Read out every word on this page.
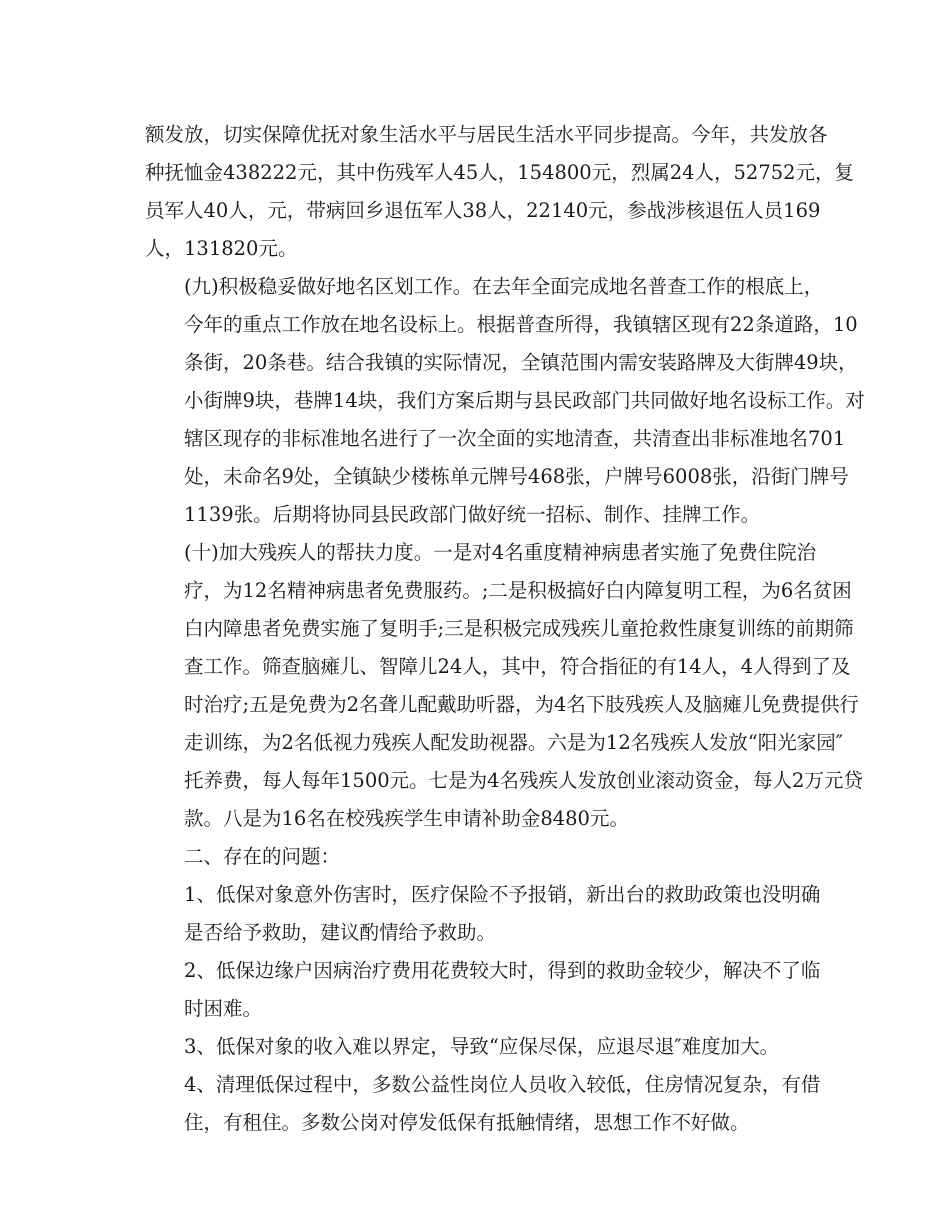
额发放，切实保障优抚对象生活水平与居民生活水平同步提高。今年，共发放各
种抚恤金438222元，其中伤残军人45人，154800元，烈属24人，52752元，复
员军人40人，元，带病回乡退伍军人38人，22140元，参战涉核退伍人员169
人，131820元。
(九)积极稳妥做好地名区划工作。在去年全面完成地名普查工作的根底上，
今年的重点工作放在地名设标上。根据普查所得，我镇辖区现有22条道路，10
条街，20条巷。结合我镇的实际情况，全镇范围内需安装路牌及大街牌49块，
小街牌9块，巷牌14块，我们方案后期与县民政部门共同做好地名设标工作。对
辖区现存的非标准地名进行了一次全面的实地清查，共清查出非标准地名701
处，未命名9处，全镇缺少楼栋单元牌号468张，户牌号6008张，沿街门牌号
1139张。后期将协同县民政部门做好统一招标、制作、挂牌工作。
(十)加大残疾人的帮扶力度。一是对4名重度精神病患者实施了免费住院治
疗，为12名精神病患者免费服药。;二是积极搞好白内障复明工程，为6名贫困
白内障患者免费实施了复明手;三是积极完成残疾儿童抢救性康复训练的前期筛
查工作。筛查脑瘫儿、智障儿24人，其中，符合指征的有14人，4人得到了及
时治疗;五是免费为2名聋儿配戴助听器，为4名下肢残疾人及脑瘫儿免费提供行
走训练，为2名低视力残疾人配发助视器。六是为12名残疾人发放“阳光家园″
托养费，每人每年1500元。七是为4名残疾人发放创业滚动资金，每人2万元贷
款。八是为16名在校残疾学生申请补助金8480元。
二、存在的问题：
1、低保对象意外伤害时，医疗保险不予报销，新出台的救助政策也没明确
是否给予救助，建议酌情给予救助。
2、低保边缘户因病治疗费用花费较大时，得到的救助金较少，解决不了临
时困难。
3、低保对象的收入难以界定，导致“应保尽保，应退尽退″难度加大。
4、清理低保过程中，多数公益性岗位人员收入较低，住房情况复杂，有借
住，有租住。多数公岗对停发低保有抵触情绪，思想工作不好做。
